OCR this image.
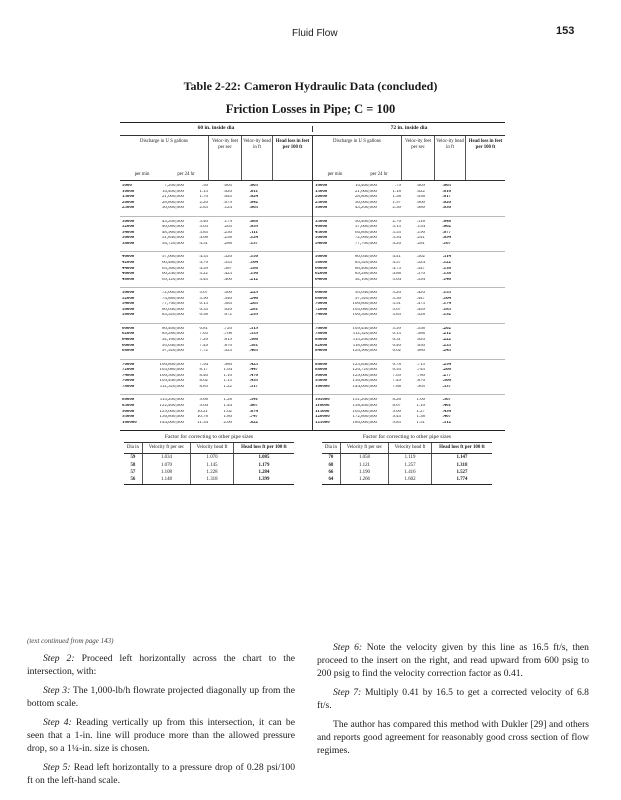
Fluid Flow	153
Table 2-22: Cameron Hydraulic Data (concluded)
Friction Losses in Pipe; C = 100
60 in. inside dia	72 in. inside dia
Discharge in U S gallons
per min	per 24 hr
Veloc-ity feet per sec
Veloc-ity head in ft
Head loss in feet per 100 ft
Discharge in U S gallons
per min	per 24 hr
Veloc-ity feet per sec
Veloc-ity head in ft
Head loss in feet per 100 ft
5000	7,200,000	.56	.005	.003
10000	14,400,000	1.13	.020	.011
15000	21,600,000	1.70	.045	.024
20000	28,800,000	2.26	.079	.042
25000	36,000,000	2.83	.124	.063
30000	43,200,000	3.40	.179	.088
32000	46,080,000	3.63	.203	.099
34000	48,960,000	3.85	.230	.111
36000	51,840,000	4.08	.258	.124
38000	54,720,000	4.31	.288	.137
40000	57,600,000	4.53	.320	.150
42000	60,480,000	4.76	.353	.164
44000	63,360,000	4.99	.387	.180
46000	66,240,000	5.22	.423	.196
48000	69,120,000	5.45	.460	.212
50000	72,000,000	5.67	.500	.229
52000	74,880,000	5.90	.540	.246
54000	77,760,000	6.13	.583	.263
56000	80,640,000	6.35	.626	.281
58000	83,520,000	6.58	.672	.299
60000	86,400,000	6.81	.720	.319
62000	89,280,000	7.03	.768	.339
64000	92,160,000	7.26	.819	.360
66000	95,040,000	7.49	.870	.381
68000	97,920,000	7.72	.925	.403
70000	100,800,000	7.94	.980	.425
72000	103,680,000	8.17	1.04	.447
74000	106,560,000	8.40	1.10	.470
76000	109,440,000	8.62	1.15	.493
78000	112,320,000	8.85	1.22	.517
80000	115,200,000	9.08	1.28	.541
85000	122,400,000	9.64	1.44	.607
90000	129,600,000	10.21	1.62	.674
95000	136,800,000	10.78	1.80	.747
100000	144,000,000	11.34	2.00	.822
10000	14,400,000	.79	.009	.005
15000	21,600,000	1.18	.022	.010
20000	28,800,000	1.58	.038	.017
25000	36,000,000	1.97	.060	.026
30000	43,200,000	2.36	.086	.036
35000	50,400,000	2.76	.118	.048
40000	57,600,000	3.15	.154	.062
45000	64,800,000	3.55	.196	.077
50000	72,000,000	3.94	.241	.094
54000	77,760,000	4.26	.281	.107
56000	80,640,000	4.41	.302	.114
58000	83,520,000	4.57	.324	.122
60000	86,400,000	4.73	.347	.130
62000	89,280,000	4.88	.370	.138
64000	92,160,000	5.04	.394	.146
66000	95,040,000	5.20	.420	.155
68000	97,920,000	5.36	.447	.164
70000	100,800,000	5.51	.473	.174
72000	103,680,000	5.67	.499	.183
74000	106,560,000	5.83	.528	.192
76000	109,440,000	5.99	.558	.202
78000	112,320,000	6.15	.588	.212
80000	115,200,000	6.31	.620	.222
82000	118,080,000	6.46	.650	.233
84000	120,960,000	6.62	.680	.243
86000	123,840,000	6.78	.715	.254
88000	126,720,000	6.93	.745	.266
90000	129,600,000	7.09	.780	.277
95000	136,800,000	7.49	.870	.306
100000	144,000,000	7.88	.965	.337
105000	151,200,000	8.28	1.06	.367
110000	158,400,000	8.67	1.16	.401
115000	165,600,000	9.06	1.27	.434
120000	172,800,000	9.45	1.38	.467
125000	180,000,000	9.85	1.51	.512
Factor for correcting to other pipe sizes
Dia in	Velocity ft per sec	Velocity head ft	Head loss ft per 100 ft
59	1.034	1.070	1.085
58	1.070	1.145	1.179
57	1.108	1.228	1.284
56	1.148	1.318	1.399
Factor for correcting to other pipe sizes
Dia in	Velocity ft per sec	Velocity head ft	Head loss ft per 100 ft
70	1.058	1.119	1.147
68	1.121	1.257	1.318
66	1.190	1.416	1.527
64	1.266	1.602	1.774
(text continued from page 143)

Step 2: Proceed left horizontally across the chart to the intersection, with:

Step 3: The 1,000-lb/h flowrate projected diagonally up from the bottom scale.

Step 4: Reading vertically up from this intersection, it can be seen that a 1-in. line will produce more than the allowed pressure drop, so a 1¼-in. size is chosen.

Step 5: Read left horizontally to a pressure drop of 0.28 psi/100 ft on the left-hand scale.

Step 6: Note the velocity given by this line as 16.5 ft/s, then proceed to the insert on the right, and read upward from 600 psig to 200 psig to find the velocity correction factor as 0.41.

Step 7: Multiply 0.41 by 16.5 to get a corrected velocity of 6.8 ft/s.

The author has compared this method with Dukler [29] and others and reports good agreement for reasonably good cross section of flow regimes.
